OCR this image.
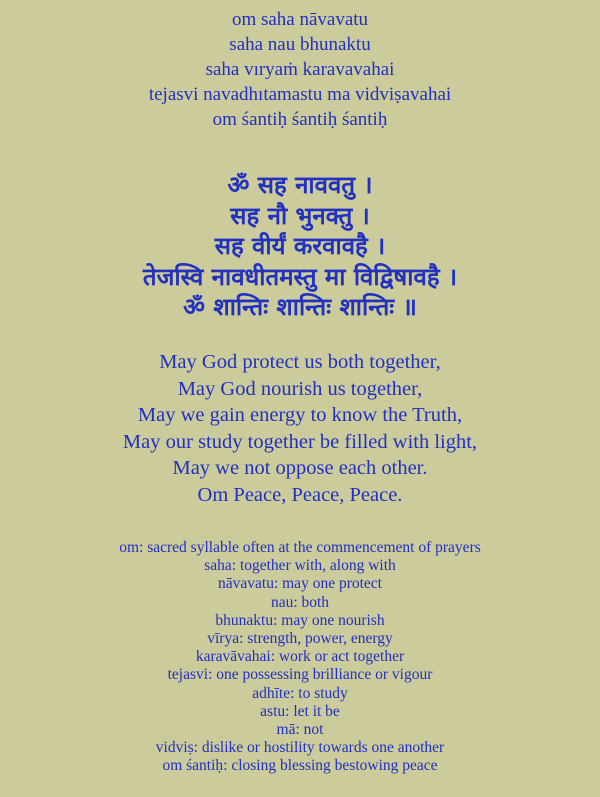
om saha nāvavatu
saha nau bhunaktu
saha vıryaṁ karavavahai
tejasvi navadhıtamastu ma vidviṣavahai
om śantiḥ śantiḥ śantiḥ
ॐ सह नाववतु ।
सह नौ भुनक्तु ।
सह वीर्यं करवावहै ।
तेजस्वि नावधीतमस्तु मा विद्विषावहै ।
ॐ शान्तिः शान्तिः शान्तिः ॥
May God protect us both together,
May God nourish us together,
May we gain energy to know the Truth,
May our study together be filled with light,
May we not oppose each other.
Om Peace, Peace, Peace.
om: sacred syllable often at the commencement of prayers
saha: together with, along with
nāvavatu: may one protect
nau: both
bhunaktu: may one nourish
vīrya: strength, power, energy
karavāvahai: work or act together
tejasvi: one possessing brilliance or vigour
adhīte: to study
astu: let it be
mā: not
vidviṣ: dislike or hostility towards one another
om śantiḥ: closing blessing bestowing peace
